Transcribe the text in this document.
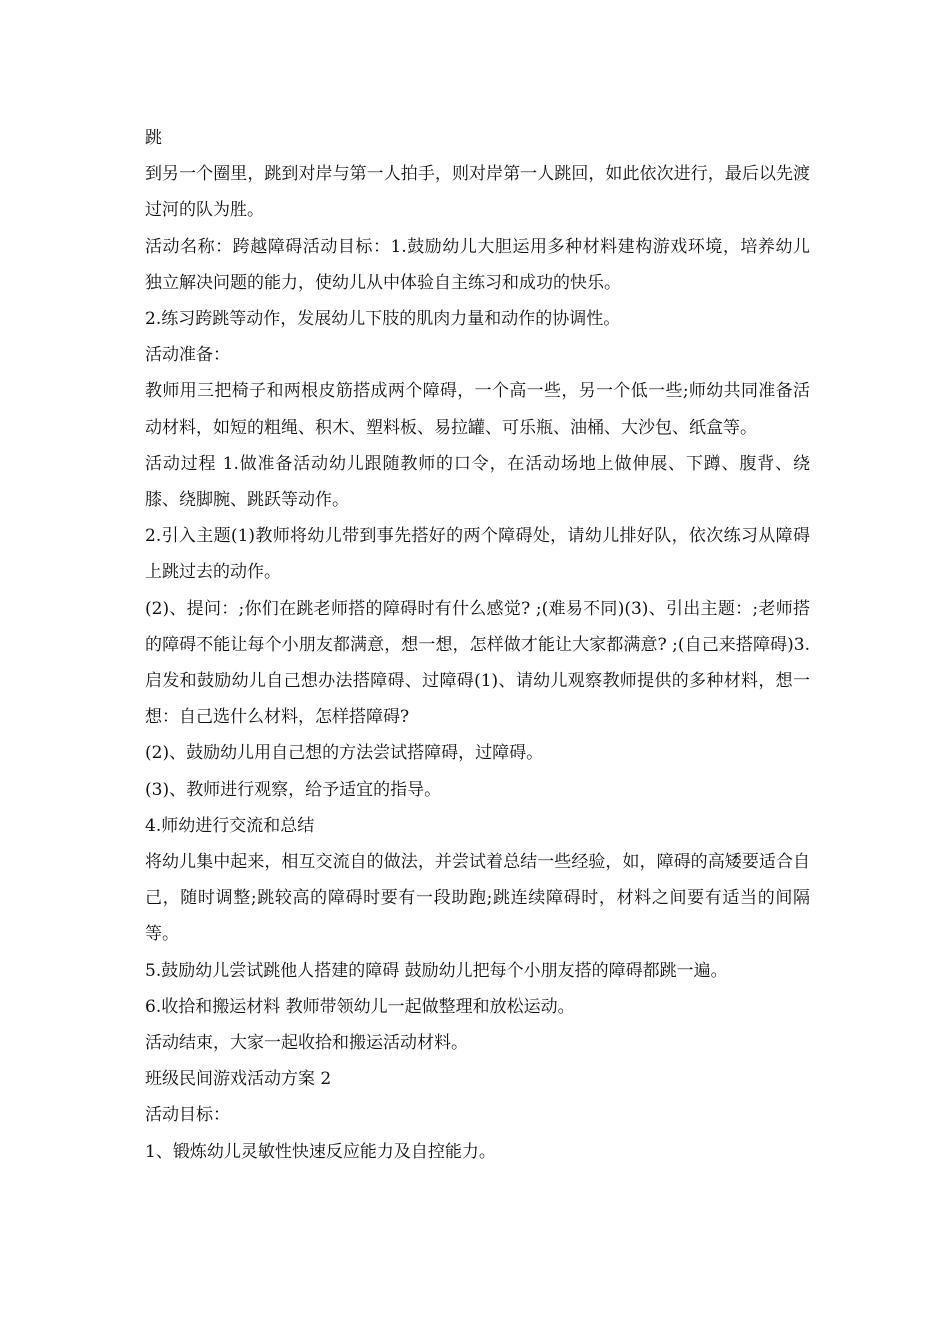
跳

到另一个圈里，跳到对岸与第一人拍手，则对岸第一人跳回，如此依次进行，最后以先渡过河的队为胜。

活动名称：跨越障碍活动目标：1.鼓励幼儿大胆运用多种材料建构游戏环境，培养幼儿 独立解决问题的能力，使幼儿从中体验自主练习和成功的快乐。

2.练习跨跳等动作，发展幼儿下肢的肌肉力量和动作的协调性。

活动准备：

教师用三把椅子和两根皮筋搭成两个障碍，一个高一些，另一个低一些;师幼共同准备活动材料，如短的粗绳、积木、塑料板、易拉罐、可乐瓶、油桶、大沙包、纸盒等。

活动过程 1.做准备活动幼儿跟随教师的口令，在活动场地上做伸展、下蹲、腹背、绕膝、绕脚腕、跳跃等动作。

2.引入主题(1)教师将幼儿带到事先搭好的两个障碍处，请幼儿排好队，依次练习从障碍上跳过去的动作。

(2)、提问：;你们在跳老师搭的障碍时有什么感觉? ;(难易不同)(3)、引出主题：;老师搭的障碍不能让每个小朋友都满意，想一想，怎样做才能让大家都满意? ;(自己来搭障碍)3.启发和鼓励幼儿自己想办法搭障碍、过障碍(1)、请幼儿观察教师提供的多种材料，想一想：自己选什么材料，怎样搭障碍?

(2)、鼓励幼儿用自己想的方法尝试搭障碍，过障碍。

(3)、教师进行观察，给予适宜的指导。

4.师幼进行交流和总结

将幼儿集中起来，相互交流自的做法，并尝试着总结一些经验，如，障碍的高矮要适合自己，随时调整;跳较高的障碍时要有一段助跑;跳连续障碍时，材料之间要有适当的间隔等。

5.鼓励幼儿尝试跳他人搭建的障碍 鼓励幼儿把每个小朋友搭的障碍都跳一遍。

6.收拾和搬运材料 教师带领幼儿一起做整理和放松运动。

活动结束，大家一起收拾和搬运活动材料。

班级民间游戏活动方案 2

活动目标：

1、锻炼幼儿灵敏性快速反应能力及自控能力。
